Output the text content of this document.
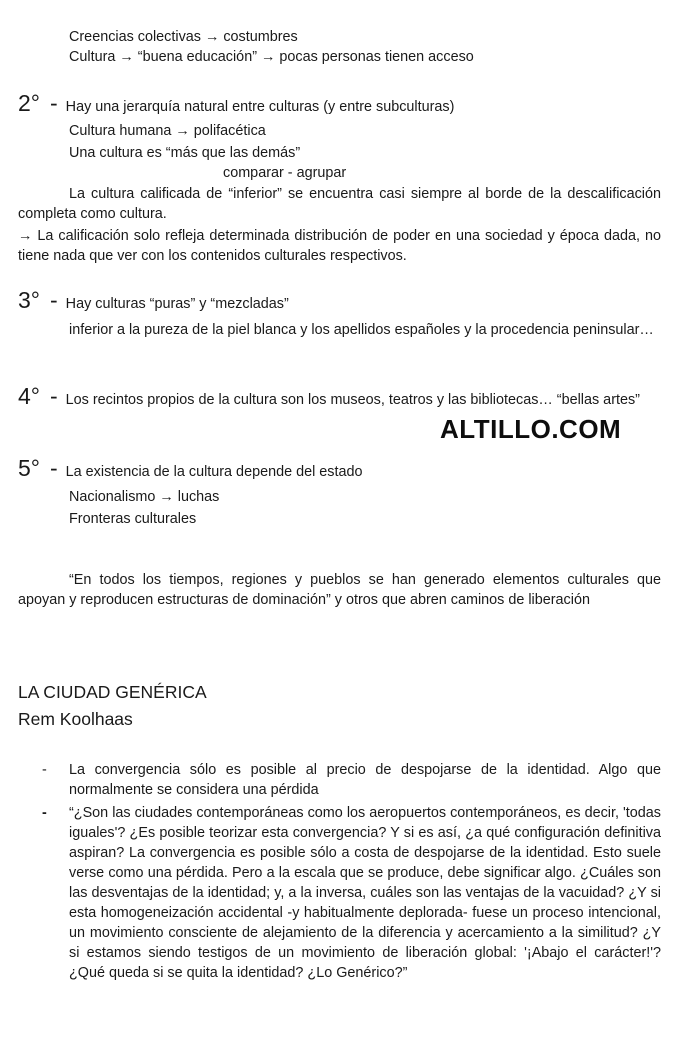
Creencias colectivas → costumbres
Cultura → “buena educación” → pocas personas tienen acceso
2° - Hay una jerarquía natural entre culturas (y entre subculturas)
Cultura humana → polifacética
Una cultura es “más que las demás”
comparar - agrupar
La cultura calificada de “inferior” se encuentra casi siempre al borde de la descalificación completa como cultura.
→ La calificación solo refleja determinada distribución de poder en una sociedad y época dada, no tiene nada que ver con los contenidos culturales respectivos.
3° - Hay culturas “puras” y “mezcladas”
inferior a la pureza de la piel blanca y los apellidos españoles y la procedencia peninsular…
4° - Los recintos propios de la cultura son los museos, teatros y las bibliotecas… “bellas artes”
ALTILLO.COM
5° - La existencia de la cultura depende del estado
Nacionalismo → luchas
Fronteras culturales
“En todos los tiempos, regiones y pueblos se han generado elementos culturales que apoyan y reproducen estructuras de dominación” y otros que abren caminos de liberación
LA CIUDAD GENÉRICA
Rem Koolhaas
- La convergencia sólo es posible al precio de despojarse de la identidad. Algo que normalmente se considera una pérdida
- “¿Son las ciudades contemporáneas como los aeropuertos contemporáneos, es decir, 'todas iguales'? ¿Es posible teorizar esta convergencia? Y si es así, ¿a qué configuración definitiva aspiran? La convergencia es posible sólo a costa de despojarse de la identidad. Esto suele verse como una pérdida. Pero a la escala que se produce, debe significar algo. ¿Cuáles son las desventajas de la identidad; y, a la inversa, cuáles son las ventajas de la vacuidad? ¿Y si esta homogeneización accidental -y habitualmente deplorada- fuese un proceso intencional, un movimiento consciente de alejamiento de la diferencia y acercamiento a la similitud? ¿Y si estamos siendo testigos de un movimiento de liberación global: '¡Abajo el carácter!'? ¿Qué queda si se quita la identidad? ¿Lo Genérico?”
